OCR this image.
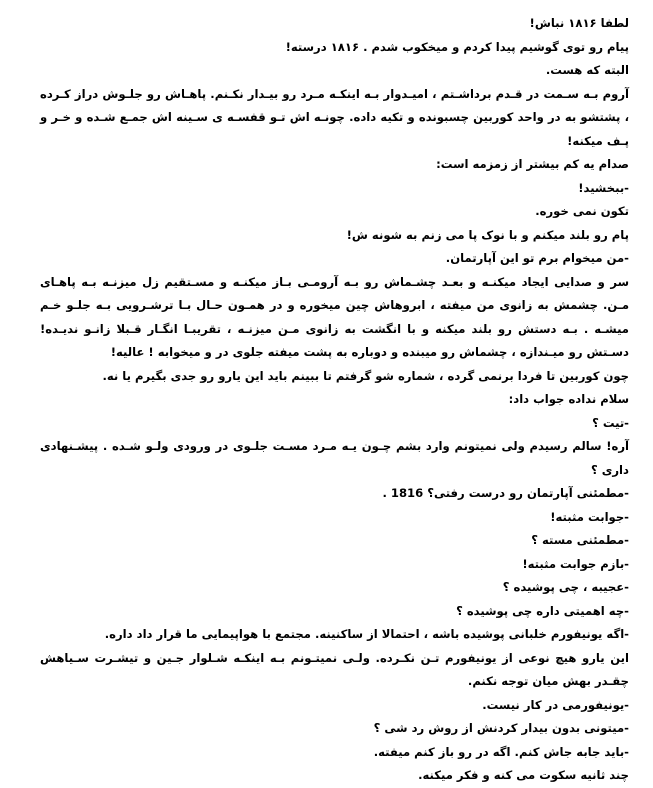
لطفا ۱۸۱۶ نباش!

پیام رو توی گوشیم پیدا کردم و میخکوب شدم . ۱۸۱۶ درسته!

البته که هست.

آروم بـه سـمت در قـدم برداشـتم ، امیـدوار بـه اینکـه مـرد رو بیـدار نکـنم. پاهـاش رو جلـوش دراز کـرده ، پشتشو به در واحد کوربین چسبونده و تکیه داده. چونـه اش تـو قفسـه ی سـینه اش جمـع شـده و خـر و پـف میکنه!

صدام یه کم بیشتر از زمزمه است:

-ببخشید!

تکون نمی خوره.

پام رو بلند میکنم و با نوک پا می زنم به شونه ش!

-من میخوام برم تو این آپارتمان.

سر و صدایی ایجاد میکنـه و بعـد چشـماش رو بـه آرومـی بـاز میکنـه و مسـتقیم زل میزنـه بـه پاهـای مـن. چشمش به زانوی من میفته ، ابروهاش چین میخوره و در همـون حـال بـا ترشـرویی بـه جلـو خـم میشـه . بـه دستش رو بلند میکنه و با انگشت به زانوی مـن میزنـه ، تقریبـا انگـار قـبلا زانـو ندیـده! دسـتش رو میـندازه ، چشماش رو میبنده و دوباره به پشت میفته جلوی در و میخوابه ! عالیه!

چون کوربین تا فردا برنمی گرده ، شماره شو گرفتم تا ببینم باید این یارو رو جدی بگیرم یا نه.

سلام نداده جواب داد:

-تیت ؟

آره! سالم رسیدم ولی نمیتونم وارد بشم چـون یـه مـرد مسـت جلـوی در ورودی ولـو شـده . پیشـنهادی داری ؟

-مطمئنی آپارتمان رو درست رفتی؟ 1816 .

-جوابت مثبته!

-مطمئنی مسته ؟

-بازم جوابت مثبته!

-عجیبه ، چی پوشیده ؟

-چه اهمیتی داره چی پوشیده ؟

-اگه یونیفورم خلبانی پوشیده باشه ، احتمالا از ساکنینه. مجتمع با هواپیمایی ما قرار داد داره.

این یارو هیچ نوعی از یونیفورم تـن نکـرده. ولـی نمیتـونم بـه اینکـه شـلوار جـین و تیشـرت سـیاهش چقـدر بهش میان توجه نکنم.

-یونیفورمی در کار نیست.

-میتونی بدون بیدار کردنش از روش رد شی ؟

-باید جابه جاش کنم. اگه در رو باز کنم میفته.

چند ثانیه سکوت می کنه و فکر میکنه.
